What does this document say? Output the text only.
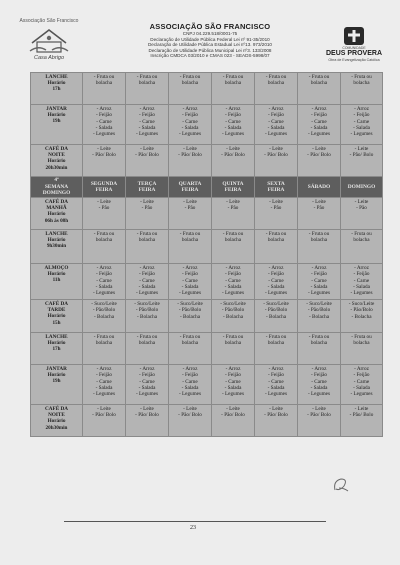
Associação São Francisco
Casa Abrigo
ASSOCIAÇÃO SÃO FRANCISCO
CNPJ 04.229.518/0001-75
Declaração de Utilidade Pública Federal Lei nº 91-35/2010
Declaração de Utilidade Pública Estadual Lei nº13. 973/2010
Declaração de Utilidade Pública Municipal Lei nº3. 133/2008
Inscrição CMDCA 03/2010 e CMAS 023 - SEADS-5998/07
COMUNIDADE
DEUS PROVERA
Obra de Evangelização Católica
LANCHE
Horário
17h	- Fruta ou
bolacha	- Fruta ou
bolacha	- Fruta ou
bolacha	- Fruta ou
bolacha	- Fruta ou
bolacha	- Fruta ou
bolacha	- Fruta ou
bolacha

JANTAR
Horário
19h	- Arroz
- Feijão
- Carne
- Salada
- Legumes	- Arroz
- Feijão
- Carne
- Salada
- Legumes	- Arroz
- Feijão
- Carne
- Salada
- Legumes	- Arroz
- Feijão
- Carne
- Salada
- Legumes	- Arroz
- Feijão
- Carne
- Salada
- Legumes	- Arroz
- Feijão
- Carne
- Salada
- Legumes	- Arroz
- Feijão
- Carne
- Salada
- Legumes

CAFÉ DA
NOITE
Horário
20h30min	- Leite
- Pão/ Bolo	- Leite
- Pão/ Bolo	- Leite
- Pão/ Bolo	- Leite
- Pão/ Bolo	- Leite
- Pão/ Bolo	- Leite
- Pão/ Bolo	- Leite
- Pão/ Bolo

4ª
SEMANA
DOMINGO	SEGUNDA
FEIRA	TERÇA
FEIRA	QUARTA
FEIRA	QUINTA
FEIRA	SEXTA
FEIRA	SÁBADO	DOMINGO

CAFÉ DA
MANHÃ
Horário
06h às 08h	- Leite
- Pão	- Leite
- Pão	- Leite
- Pão	- Leite
- Pão	- Leite
- Pão	- Leite
- Pão	- Leite
- Pão

LANCHE
Horário
9h30min	- Fruta ou
bolacha	- Fruta ou
bolacha	- Fruta ou
bolacha	- Fruta ou
bolacha	- Fruta ou
bolacha	- Fruta ou
bolacha	- Fruta ou
bolacha

ALMOÇO
Horário
11h	- Arroz
- Feijão
- Carne
- Salada
- Legumes	- Arroz
- Feijão
- Carne
- Salada
- Legumes	- Arroz
- Feijão
- Carne
- Salada
- Legumes	- Arroz
- Feijão
- Carne
- Salada
- Legumes	- Arroz
- Feijão
- Carne
- Salada
- Legumes	- Arroz
- Feijão
- Carne
- Salada
- Legumes	- Arroz
- Feijão
- Carne
- Salada
- Legumes

CAFÉ DA
TARDE
Horário
15h	- Suco/Leite
- Pão/Bolo
- Bolacha	- Suco/Leite
- Pão/Bolo
- Bolacha	- Suco/Leite
- Pão/Bolo
- Bolacha	- Suco/Leite
- Pão/Bolo
- Bolacha	- Suco/Leite
- Pão/Bolo
- Bolacha	- Suco/Leite
- Pão/Bolo
- Bolacha	- Suco/Leite
- Pão/Bolo
- Bolacha

LANCHE
Horário
17h	- Fruta ou
bolacha	- Fruta ou
bolacha	- Fruta ou
bolacha	- Fruta ou
bolacha	- Fruta ou
bolacha	- Fruta ou
bolacha	- Fruta ou
bolacha

JANTAR
Horário
19h	- Arroz
- Feijão
- Carne
- Salada
- Legumes	- Arroz
- Feijão
- Carne
- Salada
- Legumes	- Arroz
- Feijão
- Carne
- Salada
- Legumes	- Arroz
- Feijão
- Carne
- Salada
- Legumes	- Arroz
- Feijão
- Carne
- Salada
- Legumes	- Arroz
- Feijão
- Carne
- Salada
- Legumes	- Arroz
- Feijão
- Carne
- Salada
- Legumes

CAFÉ DA
NOITE
Horário
20h30min	- Leite
- Pão/ Bolo	- Leite
- Pão/ Bolo	- Leite
- Pão/ Bolo	- Leite
- Pão/ Bolo	- Leite
- Pão/ Bolo	- Leite
- Pão/ Bolo	- Leite
- Pão/ Bolo
23
